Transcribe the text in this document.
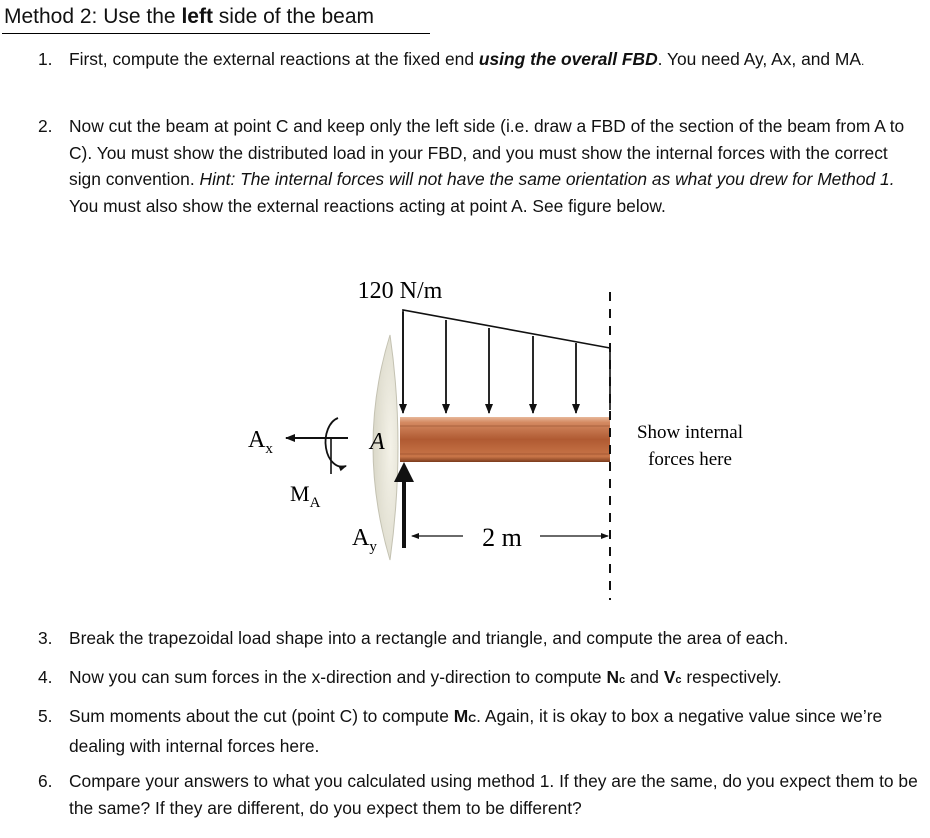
Method 2: Use the left side of the beam
1. First, compute the external reactions at the fixed end using the overall FBD. You need Ay, Ax, and MA.
2. Now cut the beam at point C and keep only the left side (i.e. draw a FBD of the section of the beam from A to C). You must show the distributed load in your FBD, and you must show the internal forces with the correct sign convention. Hint: The internal forces will not have the same orientation as what you drew for Method 1. You must also show the external reactions acting at point A. See figure below.
120 N/m
A
$A_x$
$M_A$
$A_y$	2 m
Show internal
forces here
3. Break the trapezoidal load shape into a rectangle and triangle, and compute the area of each.
4. Now you can sum forces in the x-direction and y-direction to compute Nc and Vc respectively.
5. Sum moments about the cut (point C) to compute MC. Again, it is okay to box a negative value since we’re dealing with internal forces here.
6. Compare your answers to what you calculated using method 1. If they are the same, do you expect them to be the same? If they are different, do you expect them to be different?
